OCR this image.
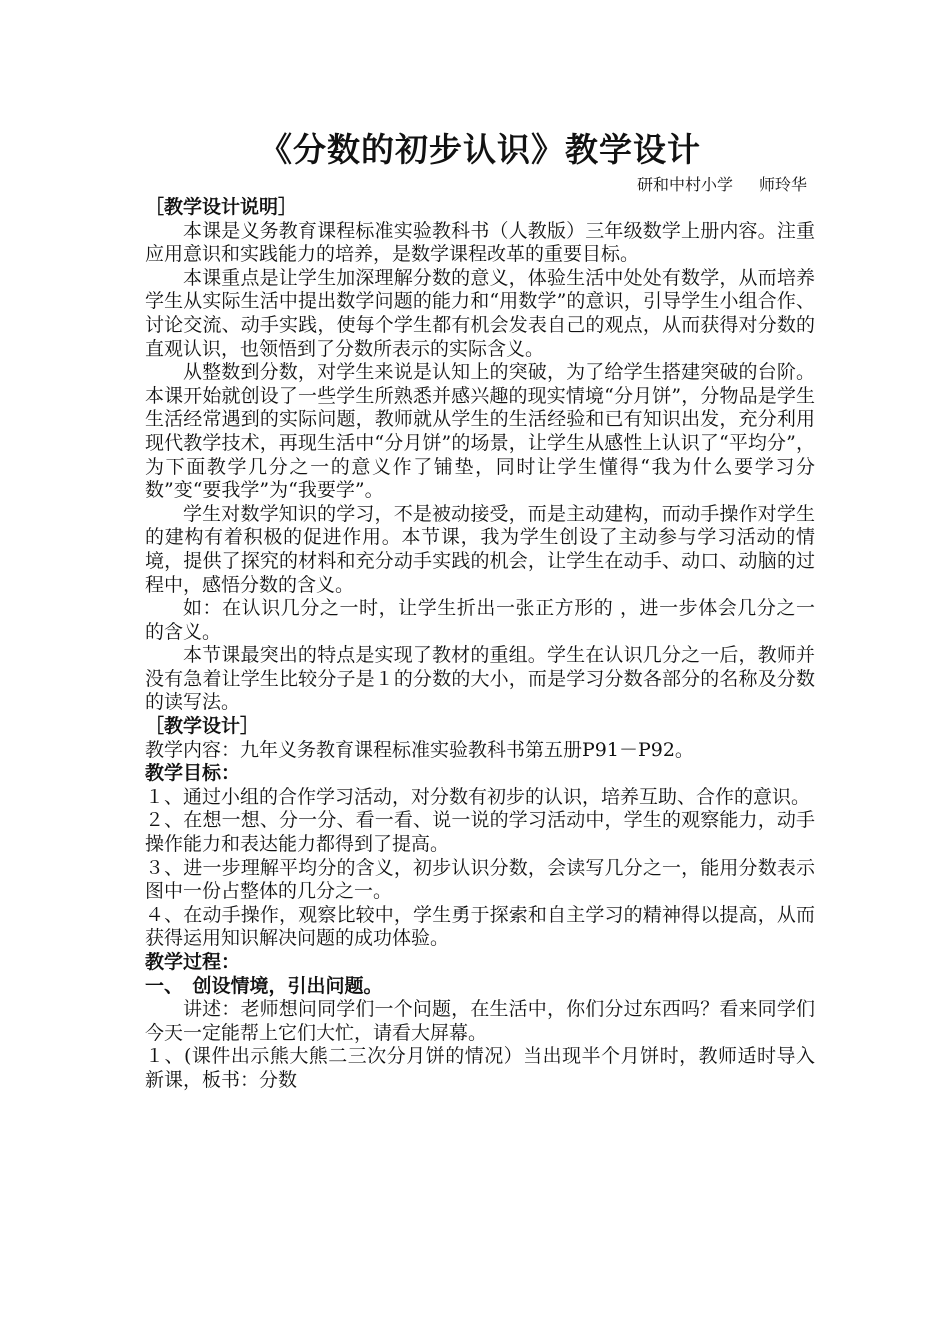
《分数的初步认识》教学设计
研和中村小学 师玲华
［教学设计说明］
本课是义务教育课程标准实验教科书（人教版）三年级数学上册内容。注重应用意识和实践能力的培养，是数学课程改革的重要目标。
本课重点是让学生加深理解分数的意义，体验生活中处处有数学，从而培养学生从实际生活中提出数学问题的能力和“用数学”的意识，引导学生小组合作、讨论交流、动手实践，使每个学生都有机会发表自己的观点，从而获得对分数的直观认识，也领悟到了分数所表示的实际含义。
从整数到分数，对学生来说是认知上的突破，为了给学生搭建突破的台阶。本课开始就创设了一些学生所熟悉并感兴趣的现实情境“分月饼”，分物品是学生生活经常遇到的实际问题，教师就从学生的生活经验和已有知识出发，充分利用现代教学技术，再现生活中“分月饼”的场景，让学生从感性上认识了“平均分”，为下面教学几分之一的意义作了铺垫，同时让学生懂得“我为什么要学习分数”变“要我学”为“我要学”。
学生对数学知识的学习，不是被动接受，而是主动建构，而动手操作对学生的建构有着积极的促进作用。本节课，我为学生创设了主动参与学习活动的情境，提供了探究的材料和充分动手实践的机会，让学生在动手、动口、动脑的过程中，感悟分数的含义。
如：在认识几分之一时，让学生折出一张正方形的 ，进一步体会几分之一的含义。
本节课最突出的特点是实现了教材的重组。学生在认识几分之一后，教师并没有急着让学生比较分子是１的分数的大小，而是学习分数各部分的名称及分数的读写法。
［教学设计］
教学内容：九年义务教育课程标准实验教科书第五册P91－P92。
教学目标：
１、通过小组的合作学习活动，对分数有初步的认识，培养互助、合作的意识。
２、在想一想、分一分、看一看、说一说的学习活动中，学生的观察能力，动手操作能力和表达能力都得到了提高。
３、进一步理解平均分的含义，初步认识分数，会读写几分之一，能用分数表示图中一份占整体的几分之一。
４、在动手操作，观察比较中，学生勇于探索和自主学习的精神得以提高，从而获得运用知识解决问题的成功体验。
教学过程：
一、　创设情境，引出问题。
讲述：老师想问同学们一个问题，在生活中，你们分过东西吗？看来同学们今天一定能帮上它们大忙，请看大屏幕。
１、(课件出示熊大熊二三次分月饼的情况）当出现半个月饼时，教师适时导入新课，板书：分数
